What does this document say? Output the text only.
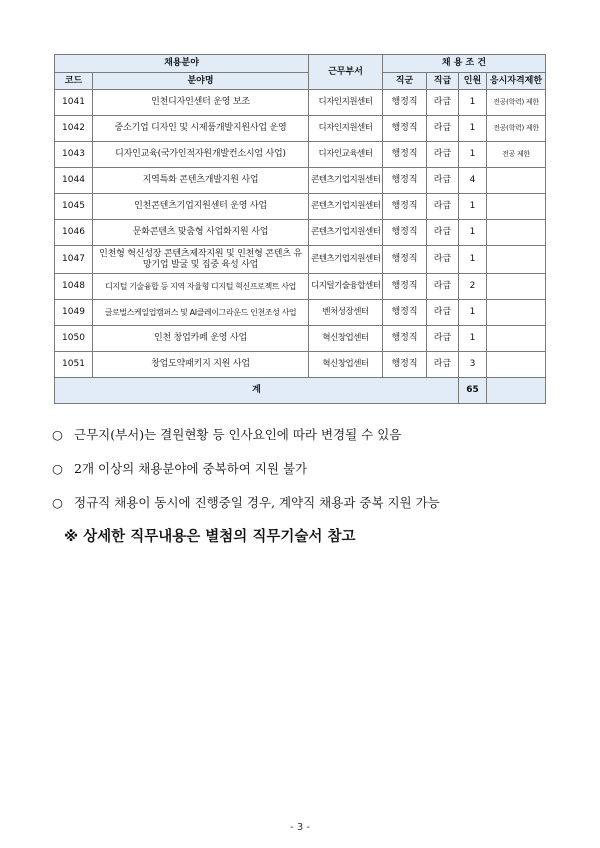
채용분야		근무부서	채 용 조 건			
코드	분야명		직군	직급	인원	응시자격제한
1041	인천디자인센터 운영 보조	디자인지원센터	행정직	라급	1	전공(학력) 제한
1042	중소기업 디자인 및 시제품개발지원사업 운영	디자인지원센터	행정직	라급	1	전공(학력) 제한
1043	디자인교육(국가인적자원개발컨소시엄 사업)	디자인교육센터	행정직	라급	1	전공 제한
1044	지역특화 콘텐츠개발지원 사업	콘텐츠기업지원센터	행정직	라급	4	
1045	인천콘텐츠기업지원센터 운영 사업	콘텐츠기업지원센터	행정직	라급	1	
1046	문화콘텐츠 맞춤형 사업화지원 사업	콘텐츠기업지원센터	행정직	라급	1	
1047	인천형 혁신성장 콘텐츠제작지원 및 인천형 콘텐츠 유망기업 발굴 및 집중 육성 사업	콘텐츠기업지원센터	행정직	라급	1	
1048	디지털 기술융합 등 지역 자율형 디지털 혁신프로젝트 사업	디지털기술융합센터	행정직	라급	2	
1049	글로벌스케일업캠퍼스 및 AI클레이그라운드 인천조성 사업	벤처성장센터	행정직	라급	1	
1050	인천 창업카페 운영 사업	혁신창업센터	행정직	라급	1	
1051	창업도약패키지 지원 사업	혁신창업센터	행정직	라급	3	
계					65	
○ 근무지(부서)는 결원현황 등 인사요인에 따라 변경될 수 있음
○ 2개 이상의 채용분야에 중복하여 지원 불가
○ 정규직 채용이 동시에 진행중일 경우, 계약직 채용과 중복 지원 가능
※ 상세한 직무내용은 별첨의 직무기술서 참고
- 3 -
